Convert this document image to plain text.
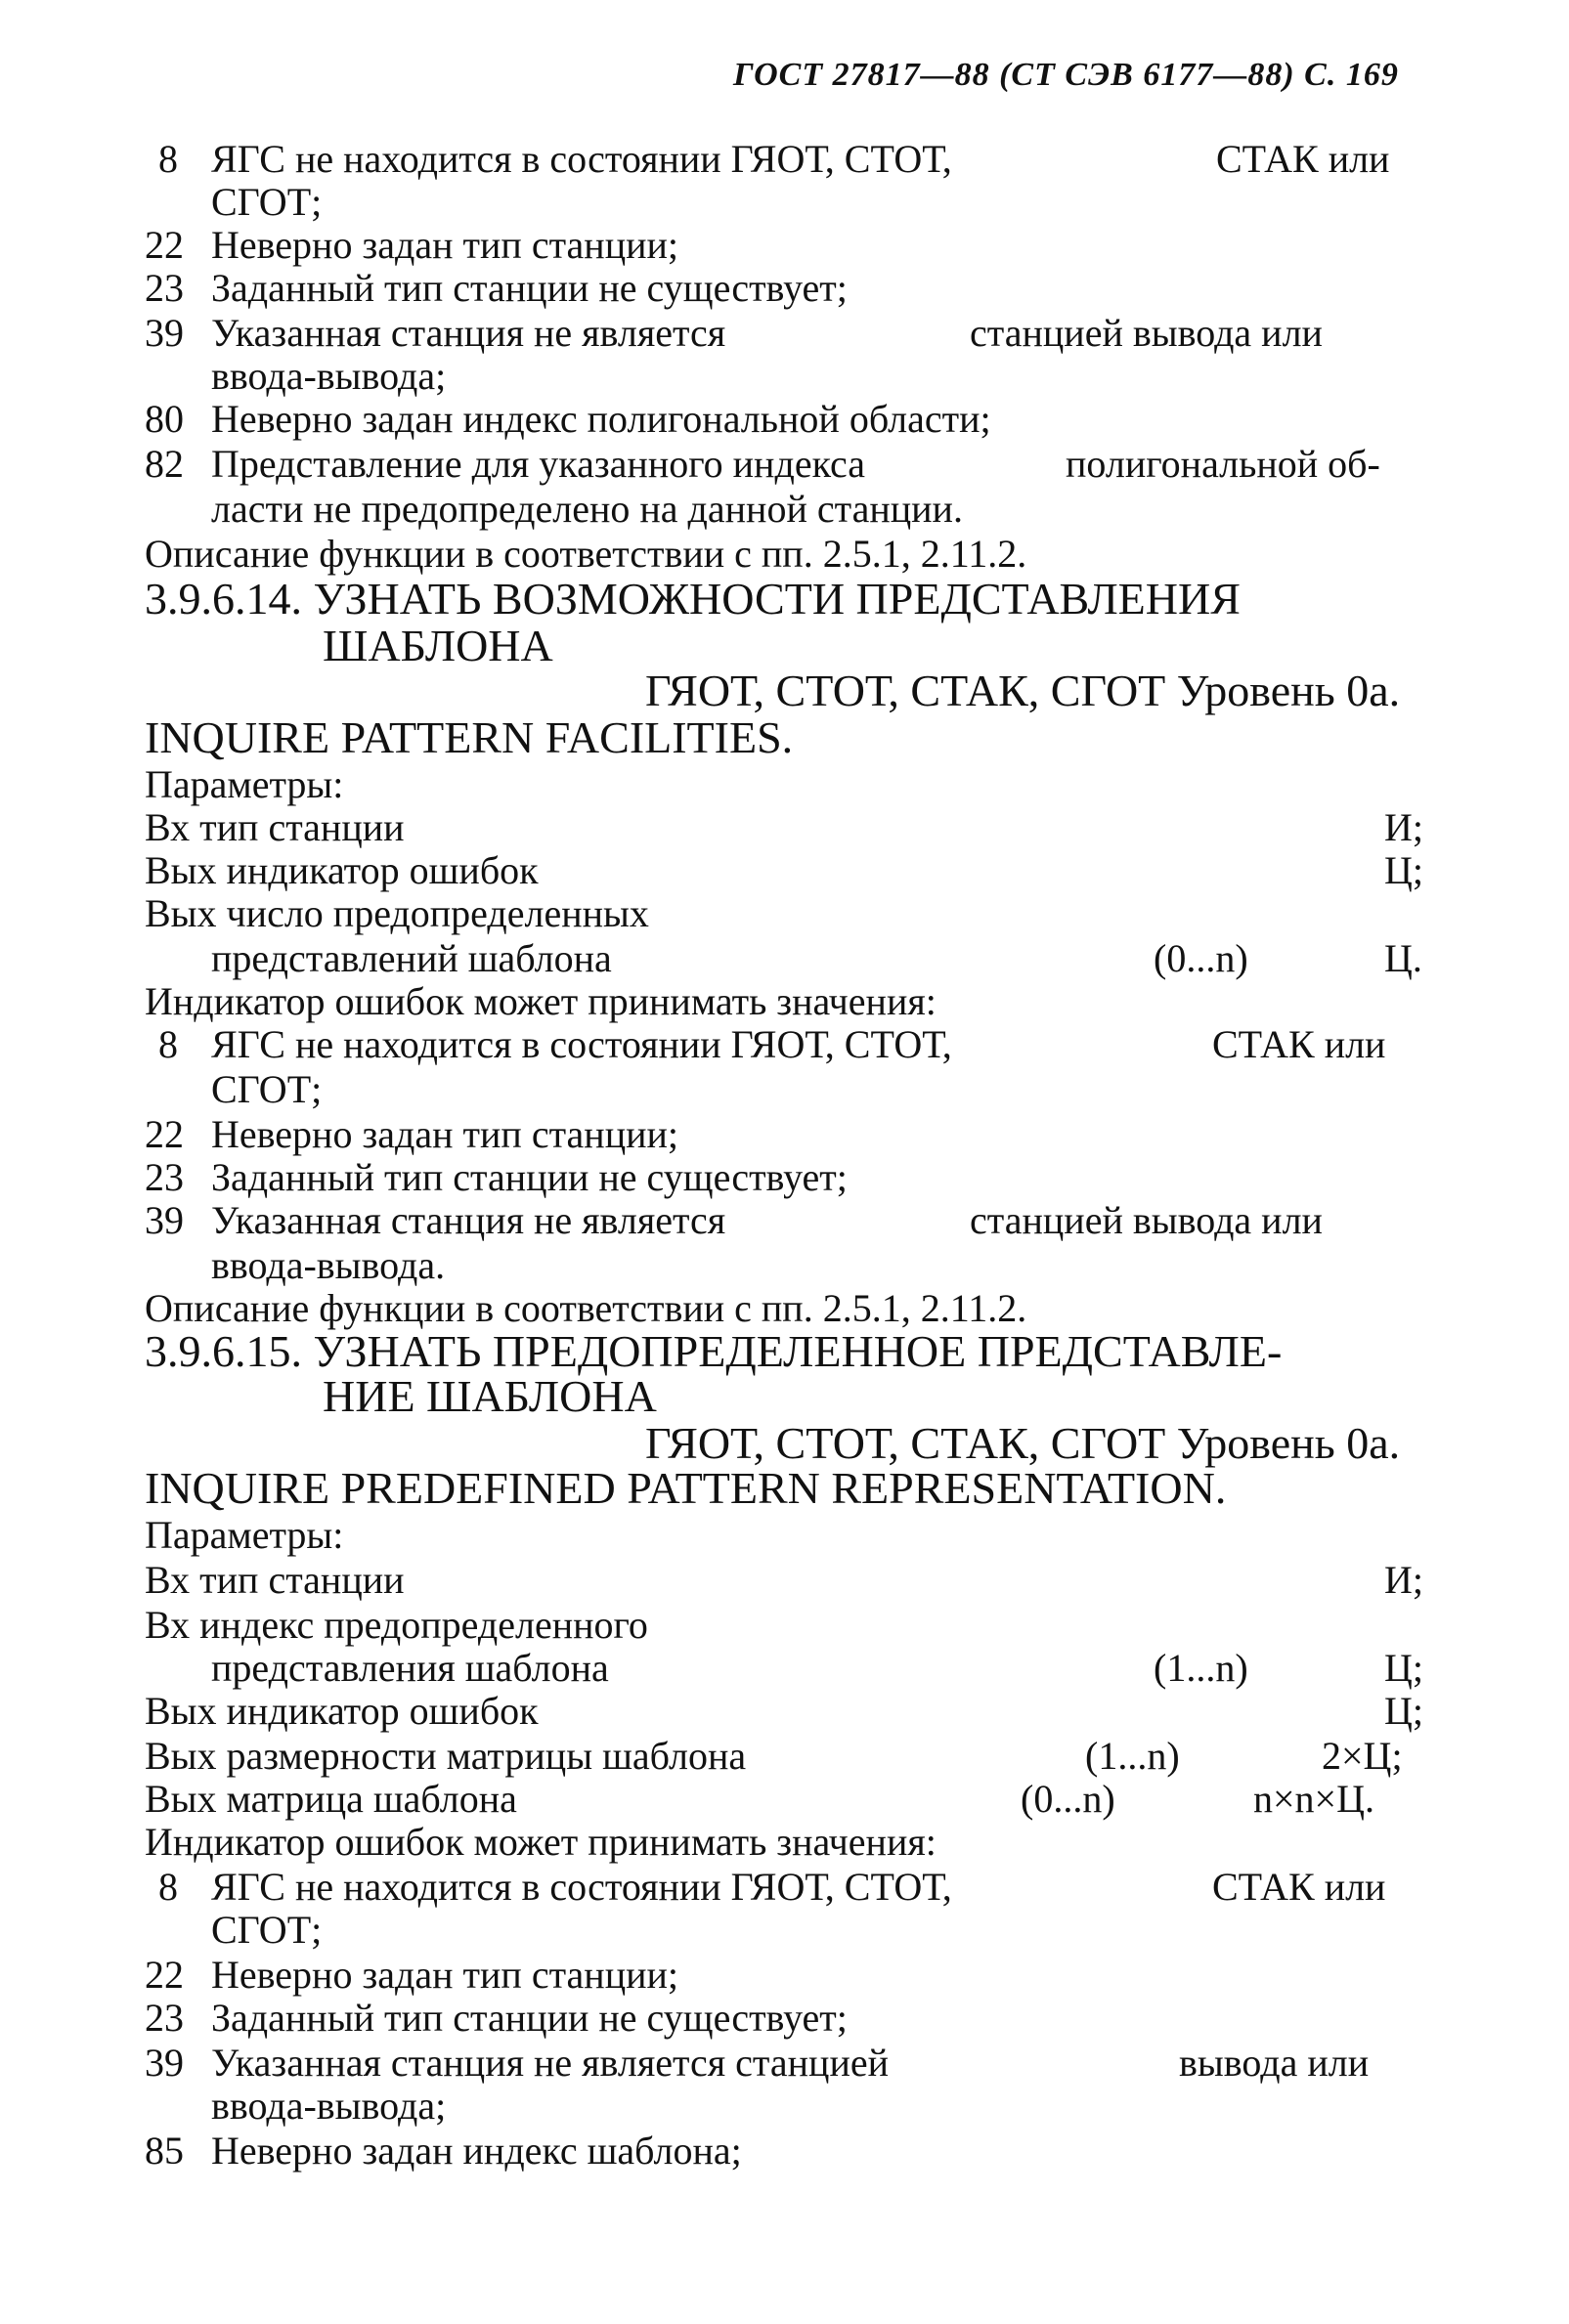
ГОСТ 27817—88 (СТ СЭВ 6177—88) С. 169
8 ЯГС не находится в состоянии ГЯОТ, СТОТ,	СТАК или
СГОТ;
22 Неверно задан тип станции;
23 Заданный тип станции не существует;
39 Указанная станция не является	станцией вывода или
ввода-вывода;
80 Неверно задан индекс полигональной области;
82 Представление для указанного индекса	полигональной об-
ласти не предопределено на данной станции.
Описание функции в соответствии с пп. 2.5.1, 2.11.2.
3.9.6.14. УЗНАТЬ ВОЗМОЖНОСТИ ПРЕДСТАВЛЕНИЯ
ШАБЛОНА
ГЯОТ, СТОТ, СТАК, СГОТ Уровень 0а.
INQUIRE PATTERN FACILITIES.
Параметры:
Вх тип станции	И;
Вых индикатор ошибок	Ц;
Вых число предопределенных
представлений шаблона	(0...n)	Ц.
Индикатор ошибок может принимать значения:
8 ЯГС не находится в состоянии ГЯОТ, СТОТ,	СТАК или
СГОТ;
22 Неверно задан тип станции;
23 Заданный тип станции не существует;
39 Указанная станция не является	станцией вывода или
ввода-вывода.
Описание функции в соответствии с пп. 2.5.1, 2.11.2.
3.9.6.15. УЗНАТЬ ПРЕДОПРЕДЕЛЕННОЕ ПРЕДСТАВЛЕ-
НИЕ ШАБЛОНА
ГЯОТ, СТОТ, СТАК, СГОТ Уровень 0а.
INQUIRE PREDEFINED PATTERN REPRESENTATION.
Параметры:
Вх тип станции	И;
Вх индекс предопределенного
представления шаблона	(1...n)	Ц;
Вых индикатор ошибок	Ц;
Вых размерности матрицы шаблона	(1...n)	2×Ц;
Вых матрица шаблона	(0...n)	n×n×Ц.
Индикатор ошибок может принимать значения:
8 ЯГС не находится в состоянии ГЯОТ, СТОТ,	СТАК или
СГОТ;
22 Неверно задан тип станции;
23 Заданный тип станции не существует;
39 Указанная станция не является станцией	вывода или
ввода-вывода;
85 Неверно задан индекс шаблона;
